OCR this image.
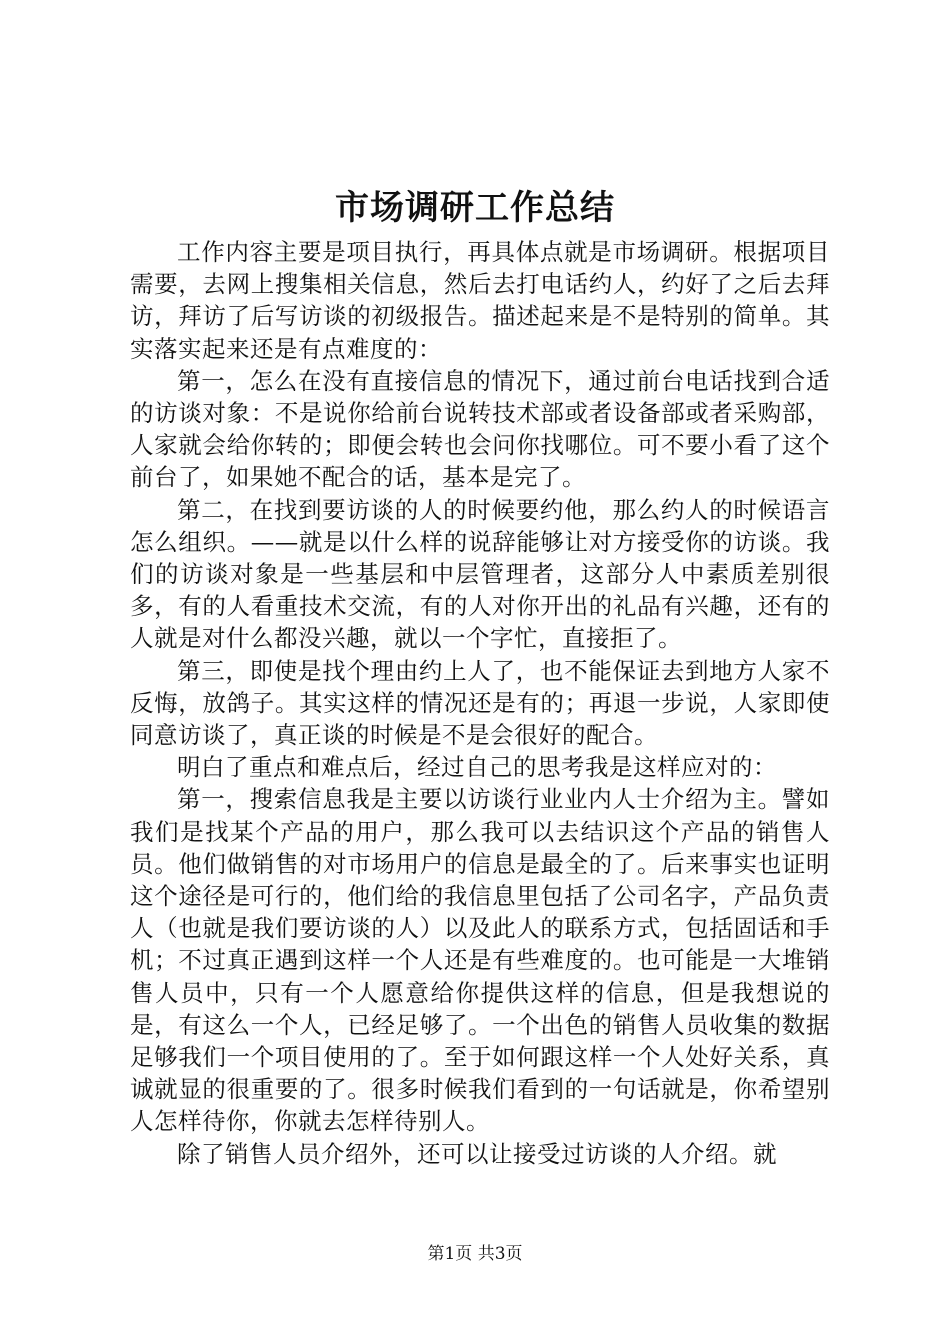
市场调研工作总结

工作内容主要是项目执行，再具体点就是市场调研。根据项目需要，去网上搜集相关信息，然后去打电话约人，约好了之后去拜访，拜访了后写访谈的初级报告。描述起来是不是特别的简单。其实落实起来还是有点难度的：

第一，怎么在没有直接信息的情况下，通过前台电话找到合适的访谈对象：不是说你给前台说转技术部或者设备部或者采购部，人家就会给你转的；即便会转也会问你找哪位。可不要小看了这个前台了，如果她不配合的话，基本是完了。

第二，在找到要访谈的人的时候要约他，那么约人的时候语言怎么组织。——就是以什么样的说辞能够让对方接受你的访谈。我们的访谈对象是一些基层和中层管理者，这部分人中素质差别很多，有的人看重技术交流，有的人对你开出的礼品有兴趣，还有的人就是对什么都没兴趣，就以一个字忙，直接拒了。

第三，即使是找个理由约上人了，也不能保证去到地方人家不反悔，放鸽子。其实这样的情况还是有的；再退一步说，人家即使同意访谈了，真正谈的时候是不是会很好的配合。

明白了重点和难点后，经过自己的思考我是这样应对的：

第一，搜索信息我是主要以访谈行业业内人士介绍为主。譬如我们是找某个产品的用户，那么我可以去结识这个产品的销售人员。他们做销售的对市场用户的信息是最全的了。后来事实也证明这个途径是可行的，他们给的我信息里包括了公司名字，产品负责人（也就是我们要访谈的人）以及此人的联系方式，包括固话和手机；不过真正遇到这样一个人还是有些难度的。也可能是一大堆销售人员中，只有一个人愿意给你提供这样的信息，但是我想说的是，有这么一个人，已经足够了。一个出色的销售人员收集的数据足够我们一个项目使用的了。至于如何跟这样一个人处好关系，真诚就显的很重要的了。很多时候我们看到的一句话就是，你希望别人怎样待你，你就去怎样待别人。

除了销售人员介绍外，还可以让接受过访谈的人介绍。就

第1页 共3页
